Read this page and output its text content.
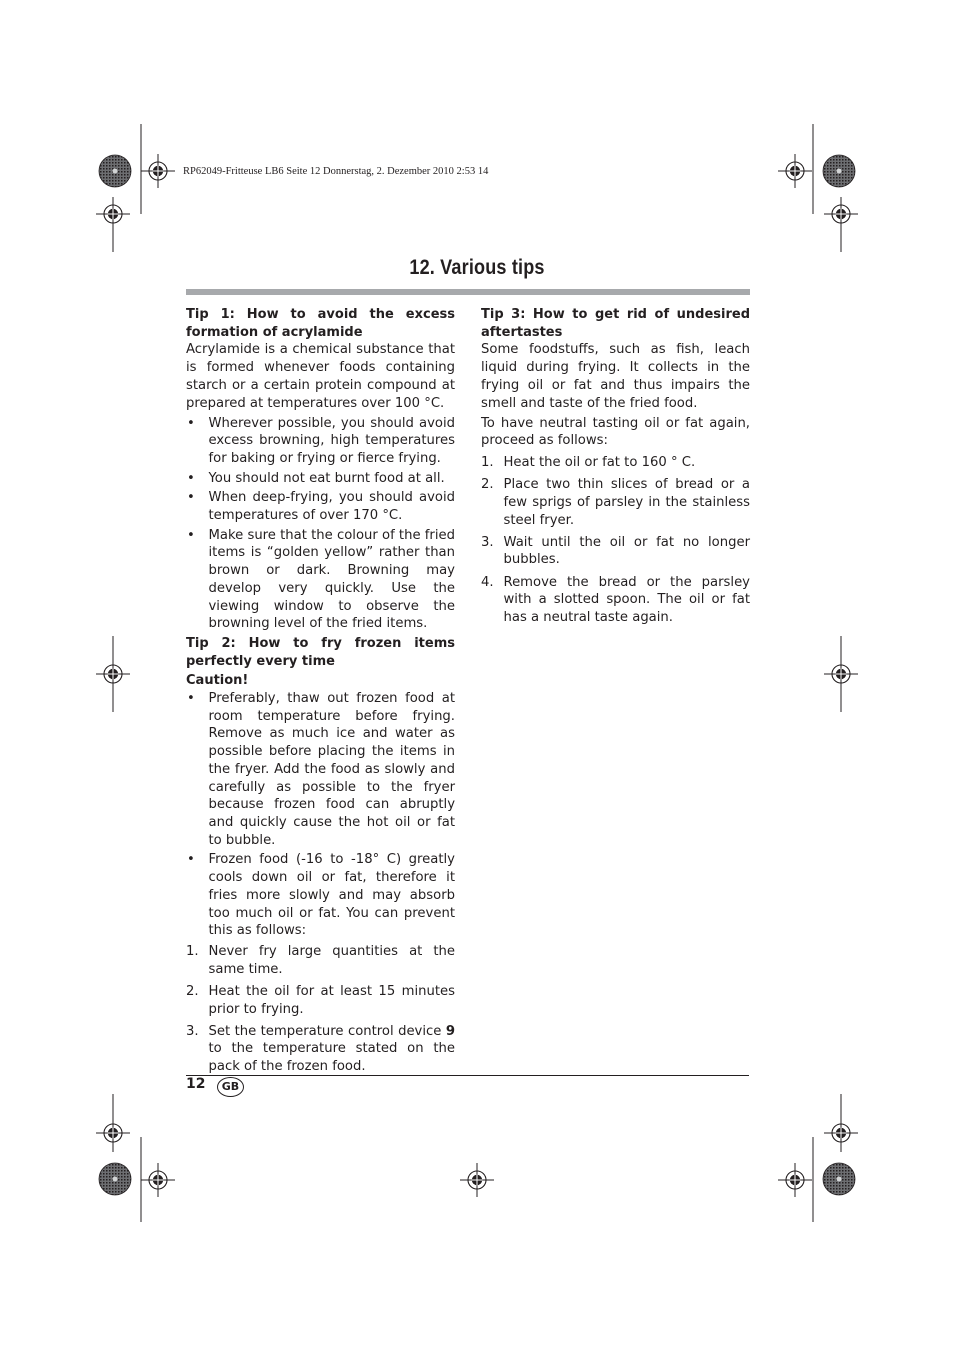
RP62049-Fritteuse LB6 Seite 12 Donnerstag, 2. Dezember 2010 2:53 14
12. Various tips

Tip 1: How to avoid the excess formation of acrylamide

Acrylamide is a chemical substance that is formed whenever foods containing starch or a certain protein compound at prepared at temperatures over 100 °C.

• Wherever possible, you should avoid excess browning, high temperatures for baking or frying or fierce frying.
• You should not eat burnt food at all.
• When deep-frying, you should avoid temperatures of over 170 °C.
• Make sure that the colour of the fried items is “golden yellow” rather than brown or dark. Browning may develop very quickly. Use the viewing window to observe the browning level of the fried items.

Tip 2: How to fry frozen items perfectly every time

Caution!

• Preferably, thaw out frozen food at room temperature before frying. Remove as much ice and water as possible before placing the items in the fryer. Add the food as slowly and carefully as possible to the fryer because frozen food can abruptly and quickly cause the hot oil or fat to bubble.
• Frozen food (-16 to -18° C) greatly cools down oil or fat, therefore it fries more slowly and may absorb too much oil or fat. You can prevent this as follows:
1. Never fry large quantities at the same time.
2. Heat the oil for at least 15 minutes prior to frying.
3. Set the temperature control device 9 to the temperature stated on the pack of the frozen food.

Tip 3: How to get rid of undesired aftertastes

Some foodstuffs, such as fish, leach liquid during frying. It collects in the frying oil or fat and thus impairs the smell and taste of the fried food.

To have neutral tasting oil or fat again, proceed as follows:

1. Heat the oil or fat to 160 ° C.
2. Place two thin slices of bread or a few sprigs of parsley in the stainless steel fryer.
3. Wait until the oil or fat no longer bubbles.
4. Remove the bread or the parsley with a slotted spoon. The oil or fat has a neutral taste again.
12	GB
